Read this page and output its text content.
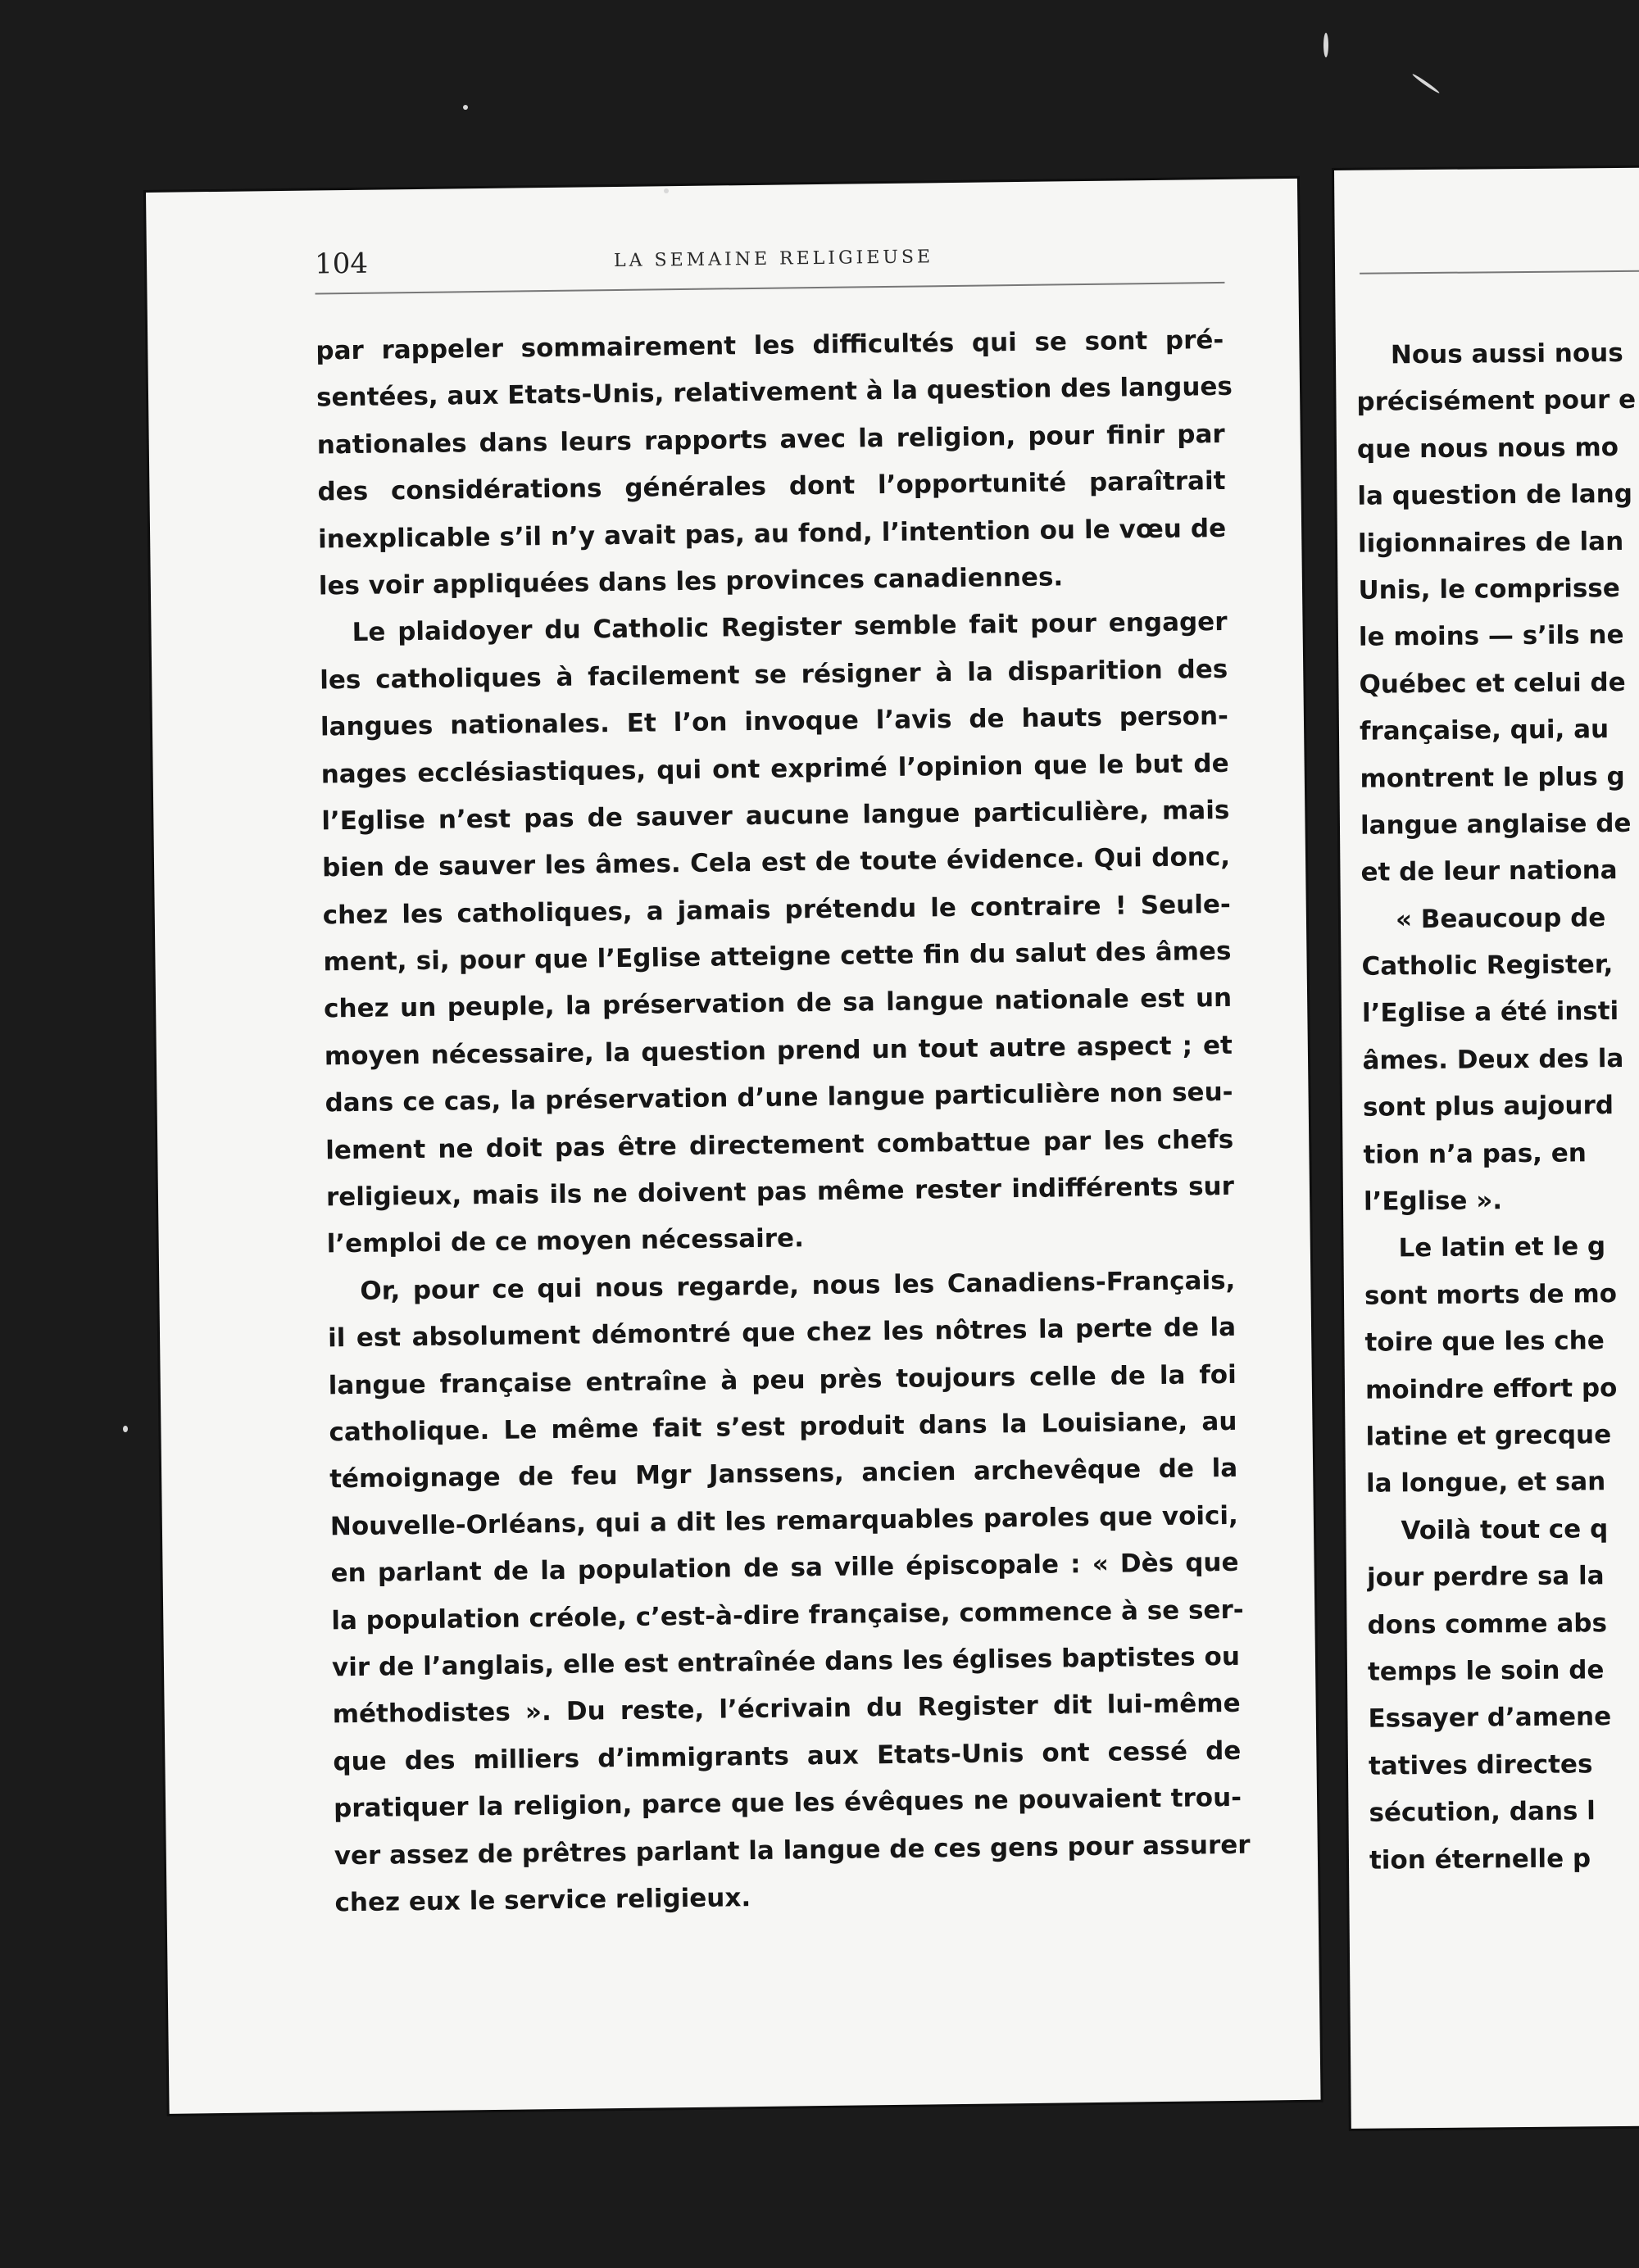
104	LA SEMAINE RELIGIEUSE
par rappeler sommairement les difficultés qui se sont pré-
sentées, aux Etats-Unis, relativement à la question des langues
nationales dans leurs rapports avec la religion, pour finir par
des considérations générales dont l’opportunité paraîtrait
inexplicable s’il n’y avait pas, au fond, l’intention ou le vœu de
les voir appliquées dans les provinces canadiennes.
Le plaidoyer du Catholic Register semble fait pour engager
les catholiques à facilement se résigner à la disparition des
langues nationales. Et l’on invoque l’avis de hauts person-
nages ecclésiastiques, qui ont exprimé l’opinion que le but de
l’Eglise n’est pas de sauver aucune langue particulière, mais
bien de sauver les âmes. Cela est de toute évidence. Qui donc,
chez les catholiques, a jamais prétendu le contraire ! Seule-
ment, si, pour que l’Eglise atteigne cette fin du salut des âmes
chez un peuple, la préservation de sa langue nationale est un
moyen nécessaire, la question prend un tout autre aspect ; et
dans ce cas, la préservation d’une langue particulière non seu-
lement ne doit pas être directement combattue par les chefs
religieux, mais ils ne doivent pas même rester indifférents sur
l’emploi de ce moyen nécessaire.
Or, pour ce qui nous regarde, nous les Canadiens-Français,
il est absolument démontré que chez les nôtres la perte de la
langue française entraîne à peu près toujours celle de la foi
catholique. Le même fait s’est produit dans la Louisiane, au
témoignage de feu Mgr Janssens, ancien archevêque de la
Nouvelle-Orléans, qui a dit les remarquables paroles que voici,
en parlant de la population de sa ville épiscopale : « Dès que
la population créole, c’est-à-dire française, commence à se ser-
vir de l’anglais, elle est entraînée dans les églises baptistes ou
méthodistes ». Du reste, l’écrivain du Register dit lui-même
que des milliers d’immigrants aux Etats-Unis ont cessé de
pratiquer la religion, parce que les évêques ne pouvaient trou-
ver assez de prêtres parlant la langue de ces gens pour assurer
chez eux le service religieux.
Nous aussi nous
précisément pour e
que nous nous mo
la question de lang
ligionnaires de lan
Unis, le comprisse
le moins — s’ils ne
Québec et celui de
française, qui, au
montrent le plus g
langue anglaise de
et de leur nationa
« Beaucoup de
Catholic Register,
l’Eglise a été insti
âmes. Deux des la
sont plus aujourd
tion n’a pas, en
l’Eglise ».
Le latin et le g
sont morts de mo
toire que les che
moindre effort po
latine et grecque
la longue, et san
Voilà tout ce q
jour perdre sa la
dons comme abs
temps le soin de
Essayer d’amene
tatives directes
sécution, dans l
tion éternelle p
